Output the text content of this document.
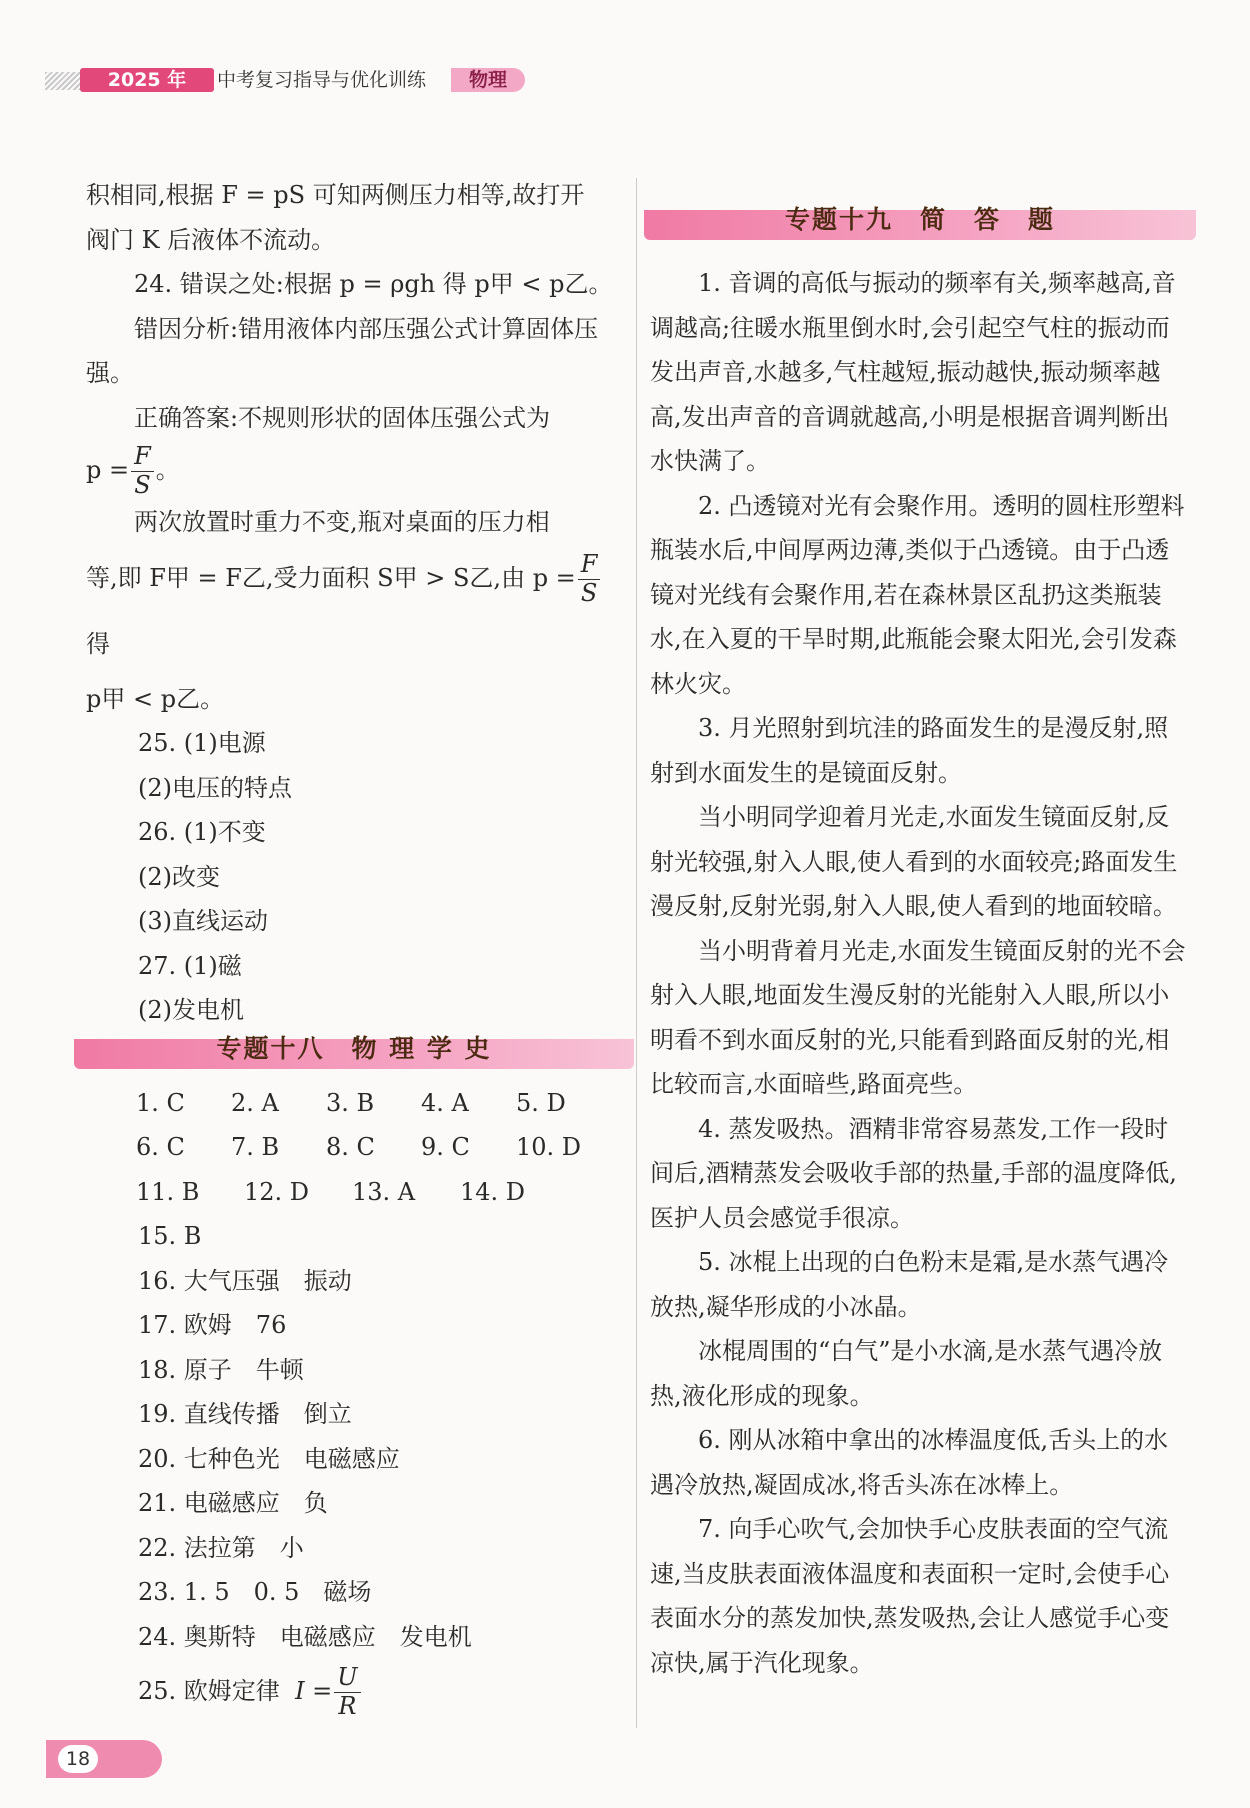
2025 年	中考复习指导与优化训练	物理

积相同,根据 F = pS 可知两侧压力相等,故打开

阀门 K 后液体不流动。

24. 错误之处:根据 p = ρgh 得 p甲 < p乙。

错因分析:错用液体内部压强公式计算固体压强。

正确答案:不规则形状的固体压强公式为

$p = \frac{F}{S}$ 。

两次放置时重力不变,瓶对桌面的压力相

等,即 F甲 = F乙,受力面积 S甲 > S乙,由 $p = \frac{F}{S}$
得

p甲 < p乙。

25. (1)电源

(2)电压的特点

26. (1)不变

(2)改变

(3)直线运动

27. (1)磁

(2)发电机

专题十八　物 理 学 史
1. C	2. A	3. B	4. A	5. D
6. C	7. B	8. C	9. C	10. D
11. B	12. D	13. A	14. D

15. B

16. 大气压强　振动

17. 欧姆　76

18. 原子　牛顿

19. 直线传播　倒立

20. 七种色光　电磁感应

21. 电磁感应　负

22. 法拉第　小

23. 1. 5　0. 5　磁场

24. 奥斯特　电磁感应　发电机

25. 欧姆定律 $I = \frac{U}{R}$

专题十九　简　答　题

1. 音调的高低与振动的频率有关,频率越高,音调越高;往暖水瓶里倒水时,会引起空气柱的振动而发出声音,水越多,气柱越短,振动越快,振动频率越高,发出声音的音调就越高,小明是根据音调判断出水快满了。

2. 凸透镜对光有会聚作用。透明的圆柱形塑料瓶装水后,中间厚两边薄,类似于凸透镜。由于凸透镜对光线有会聚作用,若在森林景区乱扔这类瓶装水,在入夏的干旱时期,此瓶能会聚太阳光,会引发森林火灾。

3. 月光照射到坑洼的路面发生的是漫反射,照射到水面发生的是镜面反射。

当小明同学迎着月光走,水面发生镜面反射,反射光较强,射入人眼,使人看到的水面较亮;路面发生漫反射,反射光弱,射入人眼,使人看到的地面较暗。

当小明背着月光走,水面发生镜面反射的光不会射入人眼,地面发生漫反射的光能射入人眼,所以小明看不到水面反射的光,只能看到路面反射的光,相比较而言,水面暗些,路面亮些。

4. 蒸发吸热。酒精非常容易蒸发,工作一段时间后,酒精蒸发会吸收手部的热量,手部的温度降低,医护人员会感觉手很凉。

5. 冰棍上出现的白色粉末是霜,是水蒸气遇冷放热,凝华形成的小冰晶。

冰棍周围的“白气”是小水滴,是水蒸气遇冷放热,液化形成的现象。

6. 刚从冰箱中拿出的冰棒温度低,舌头上的水遇冷放热,凝固成冰,将舌头冻在冰棒上。

7. 向手心吹气,会加快手心皮肤表面的空气流速,当皮肤表面液体温度和表面积一定时,会使手心表面水分的蒸发加快,蒸发吸热,会让人感觉手心变凉快,属于汽化现象。

18
